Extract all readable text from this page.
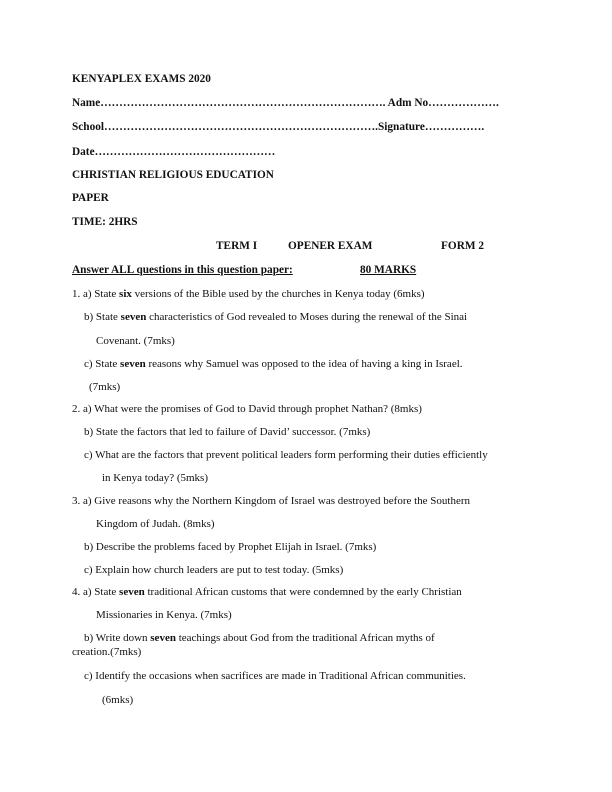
KENYAPLEX EXAMS 2020
Name…………………………………………………………………. Adm No……………….
School……………………………………………………………….Signature…………….
Date…………………………………………
CHRISTIAN RELIGIOUS EDUCATION
PAPER
TIME: 2HRS
TERM I	OPENER EXAM	FORM 2
Answer ALL questions in this question paper:	80 MARKS
1. a) State six versions of the Bible used by the churches in Kenya today (6mks)
b) State seven characteristics of God revealed to Moses during the renewal of the Sinai
Covenant. (7mks)
c) State seven reasons why Samuel was opposed to the idea of having a king in Israel.
(7mks)
2. a) What were the promises of God to David through prophet Nathan? (8mks)
b) State the factors that led to failure of David’ successor. (7mks)
c) What are the factors that prevent political leaders form performing their duties efficiently
in Kenya today? (5mks)
3. a) Give reasons why the Northern Kingdom of Israel was destroyed before the Southern
Kingdom of Judah. (8mks)
b) Describe the problems faced by Prophet Elijah in Israel. (7mks)
c) Explain how church leaders are put to test today. (5mks)
4. a) State seven traditional African customs that were condemned by the early Christian
Missionaries in Kenya. (7mks)
b) Write down seven teachings about God from the traditional African myths of
creation.(7mks)
c) Identify the occasions when sacrifices are made in Traditional African communities.
(6mks)
